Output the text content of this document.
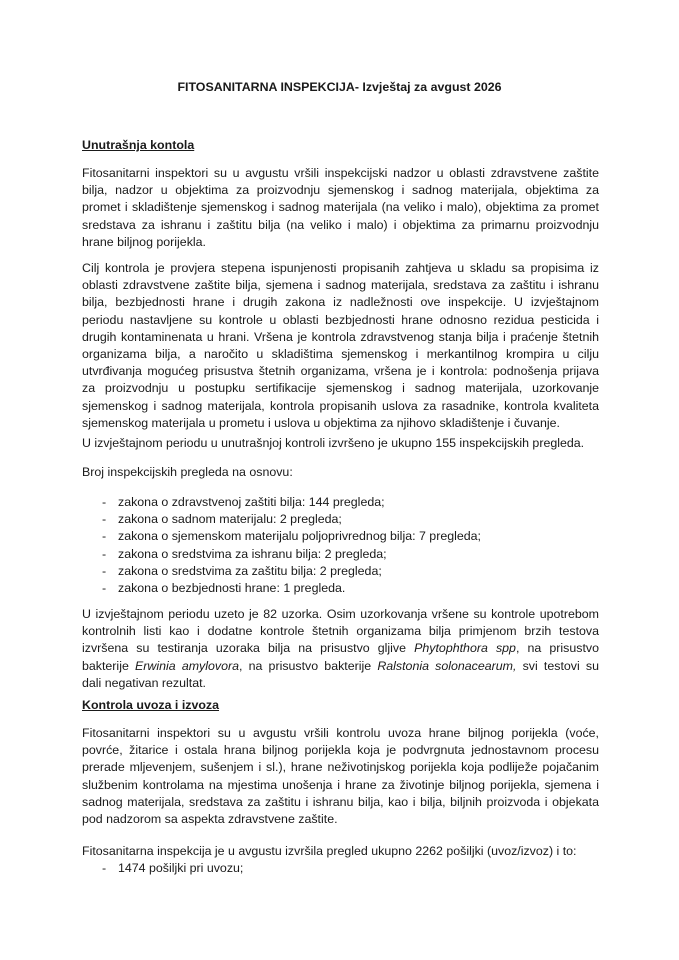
FITOSANITARNA INSPEKCIJA- Izvještaj za avgust 2026
Unutrašnja kontola

Fitosanitarni inspektori su u avgustu vršili inspekcijski nadzor u oblasti zdravstvene zaštite
bilja, nadzor u objektima za proizvodnju sjemenskog i sadnog materijala, objektima za
promet i skladištenje sjemenskog i sadnog materijala (na veliko i malo), objektima za promet
sredstava za ishranu i zaštitu bilja (na veliko i malo) i objektima za primarnu proizvodnju
hrane biljnog porijekla.

Cilj kontrola je provjera stepena ispunjenosti propisanih zahtjeva u skladu sa propisima iz
oblasti zdravstvene zaštite bilja, sjemena i sadnog materijala, sredstava za zaštitu i ishranu
bilja, bezbjednosti hrane i drugih zakona iz nadležnosti ove inspekcije. U izvještajnom
periodu nastavljene su kontrole u oblasti bezbjednosti hrane odnosno rezidua pesticida i
drugih kontaminenata u hrani. Vršena je kontrola zdravstvenog stanja bilja i praćenje štetnih
organizama bilja, a naročito u skladištima sjemenskog i merkantilnog krompira u cilju
utvrđivanja mogućeg prisustva štetnih organizama, vršena je i kontrola: podnošenja prijava
za proizvodnju u postupku sertifikacije sjemenskog i sadnog materijala, uzorkovanje
sjemenskog i sadnog materijala, kontrola propisanih uslova za rasadnike, kontrola kvaliteta
sjemenskog materijala u prometu i uslova u objektima za njihovo skladištenje i čuvanje.

U izvještajnom periodu u unutrašnjoj kontroli izvršeno je ukupno 155 inspekcijskih pregleda.

Broj inspekcijskih pregleda na osnovu:

- zakona o zdravstvenoj zaštiti bilja: 144 pregleda;
- zakona o sadnom materijalu: 2 pregleda;
- zakona o sjemenskom materijalu poljoprivrednog bilja: 7 pregleda;
- zakona o sredstvima za ishranu bilja: 2 pregleda;
- zakona o sredstvima za zaštitu bilja: 2 pregleda;
- zakona o bezbjednosti hrane: 1 pregleda.

U izvještajnom periodu uzeto je 82 uzorka. Osim uzorkovanja vršene su kontrole upotrebom
kontrolnih listi kao i dodatne kontrole štetnih organizama bilja primjenom brzih testova
izvršena su testiranja uzoraka bilja na prisustvo gljive Phytophthora spp, na prisustvo
bakterije Erwinia amylovora, na prisustvo bakterije Ralstonia solonacearum, svi testovi su
dali negativan rezultat.

Kontrola uvoza i izvoza

Fitosanitarni inspektori su u avgustu vršili kontrolu uvoza hrane biljnog porijekla (voće,
povrće, žitarice i ostala hrana biljnog porijekla koja je podvrgnuta jednostavnom procesu
prerade mljevenjem, sušenjem i sl.), hrane neživotinjskog porijekla koja podliježe pojačanim
službenim kontrolama na mjestima unošenja i hrane za životinje biljnog porijekla, sjemena i
sadnog materijala, sredstava za zaštitu i ishranu bilja, kao i bilja, biljnih proizvoda i objekata
pod nadzorom sa aspekta zdravstvene zaštite.

Fitosanitarna inspekcija je u avgustu izvršila pregled ukupno 2262 pošiljki (uvoz/izvoz) i to:

- 1474 pošiljki pri uvozu;
